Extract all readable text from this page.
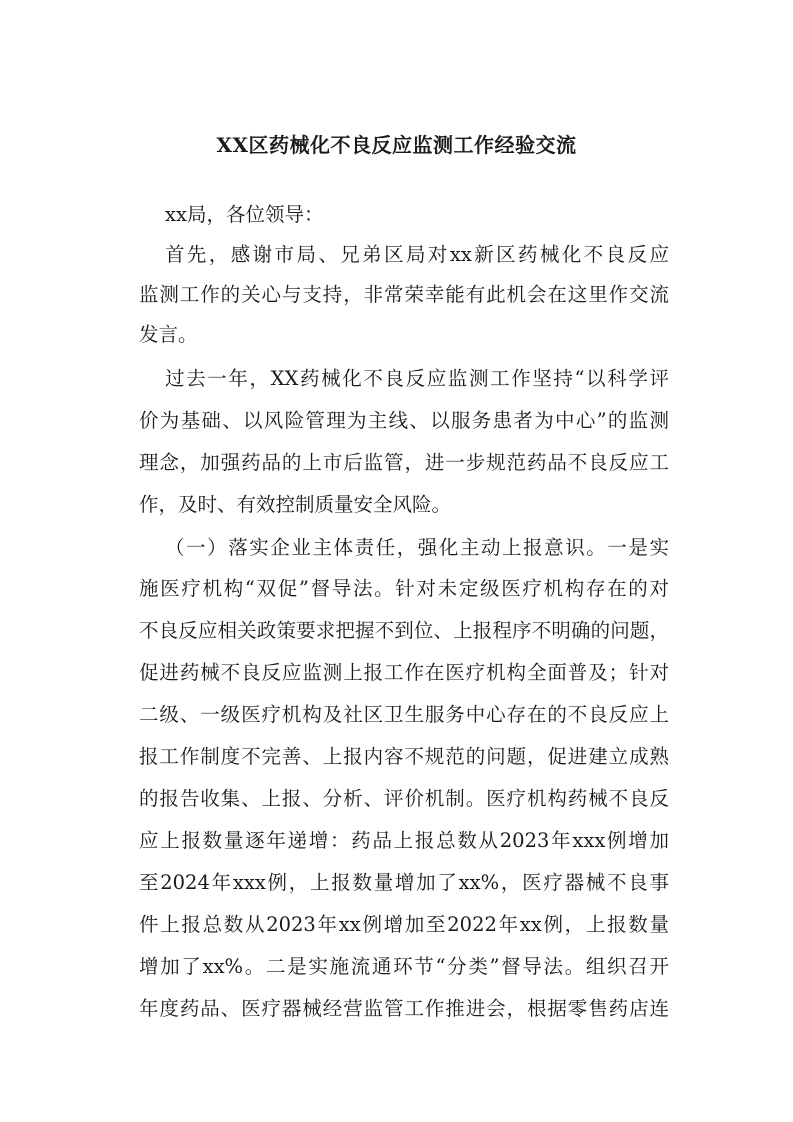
XX区药械化不良反应监测工作经验交流
xx局，各位领导：
首先，感谢市局、兄弟区局对xx新区药械化不良反应
监测工作的关心与支持，非常荣幸能有此机会在这里作交流
发言。
过去一年，XX药械化不良反应监测工作坚持“以科学评
价为基础、以风险管理为主线、以服务患者为中心”的监测
理念，加强药品的上市后监管，进一步规范药品不良反应工
作，及时、有效控制质量安全风险。
（一）落实企业主体责任，强化主动上报意识。一是实
施医疗机构“双促”督导法。针对未定级医疗机构存在的对
不良反应相关政策要求把握不到位、上报程序不明确的问题，
促进药械不良反应监测上报工作在医疗机构全面普及；针对
二级、一级医疗机构及社区卫生服务中心存在的不良反应上
报工作制度不完善、上报内容不规范的问题，促进建立成熟
的报告收集、上报、分析、评价机制。医疗机构药械不良反
应上报数量逐年递增：药品上报总数从2023年xxx例增加
至2024年xxx例，上报数量增加了xx%，医疗器械不良事
件上报总数从2023年xx例增加至2022年xx例，上报数量
增加了xx%。二是实施流通环节“分类”督导法。组织召开
年度药品、医疗器械经营监管工作推进会，根据零售药店连
